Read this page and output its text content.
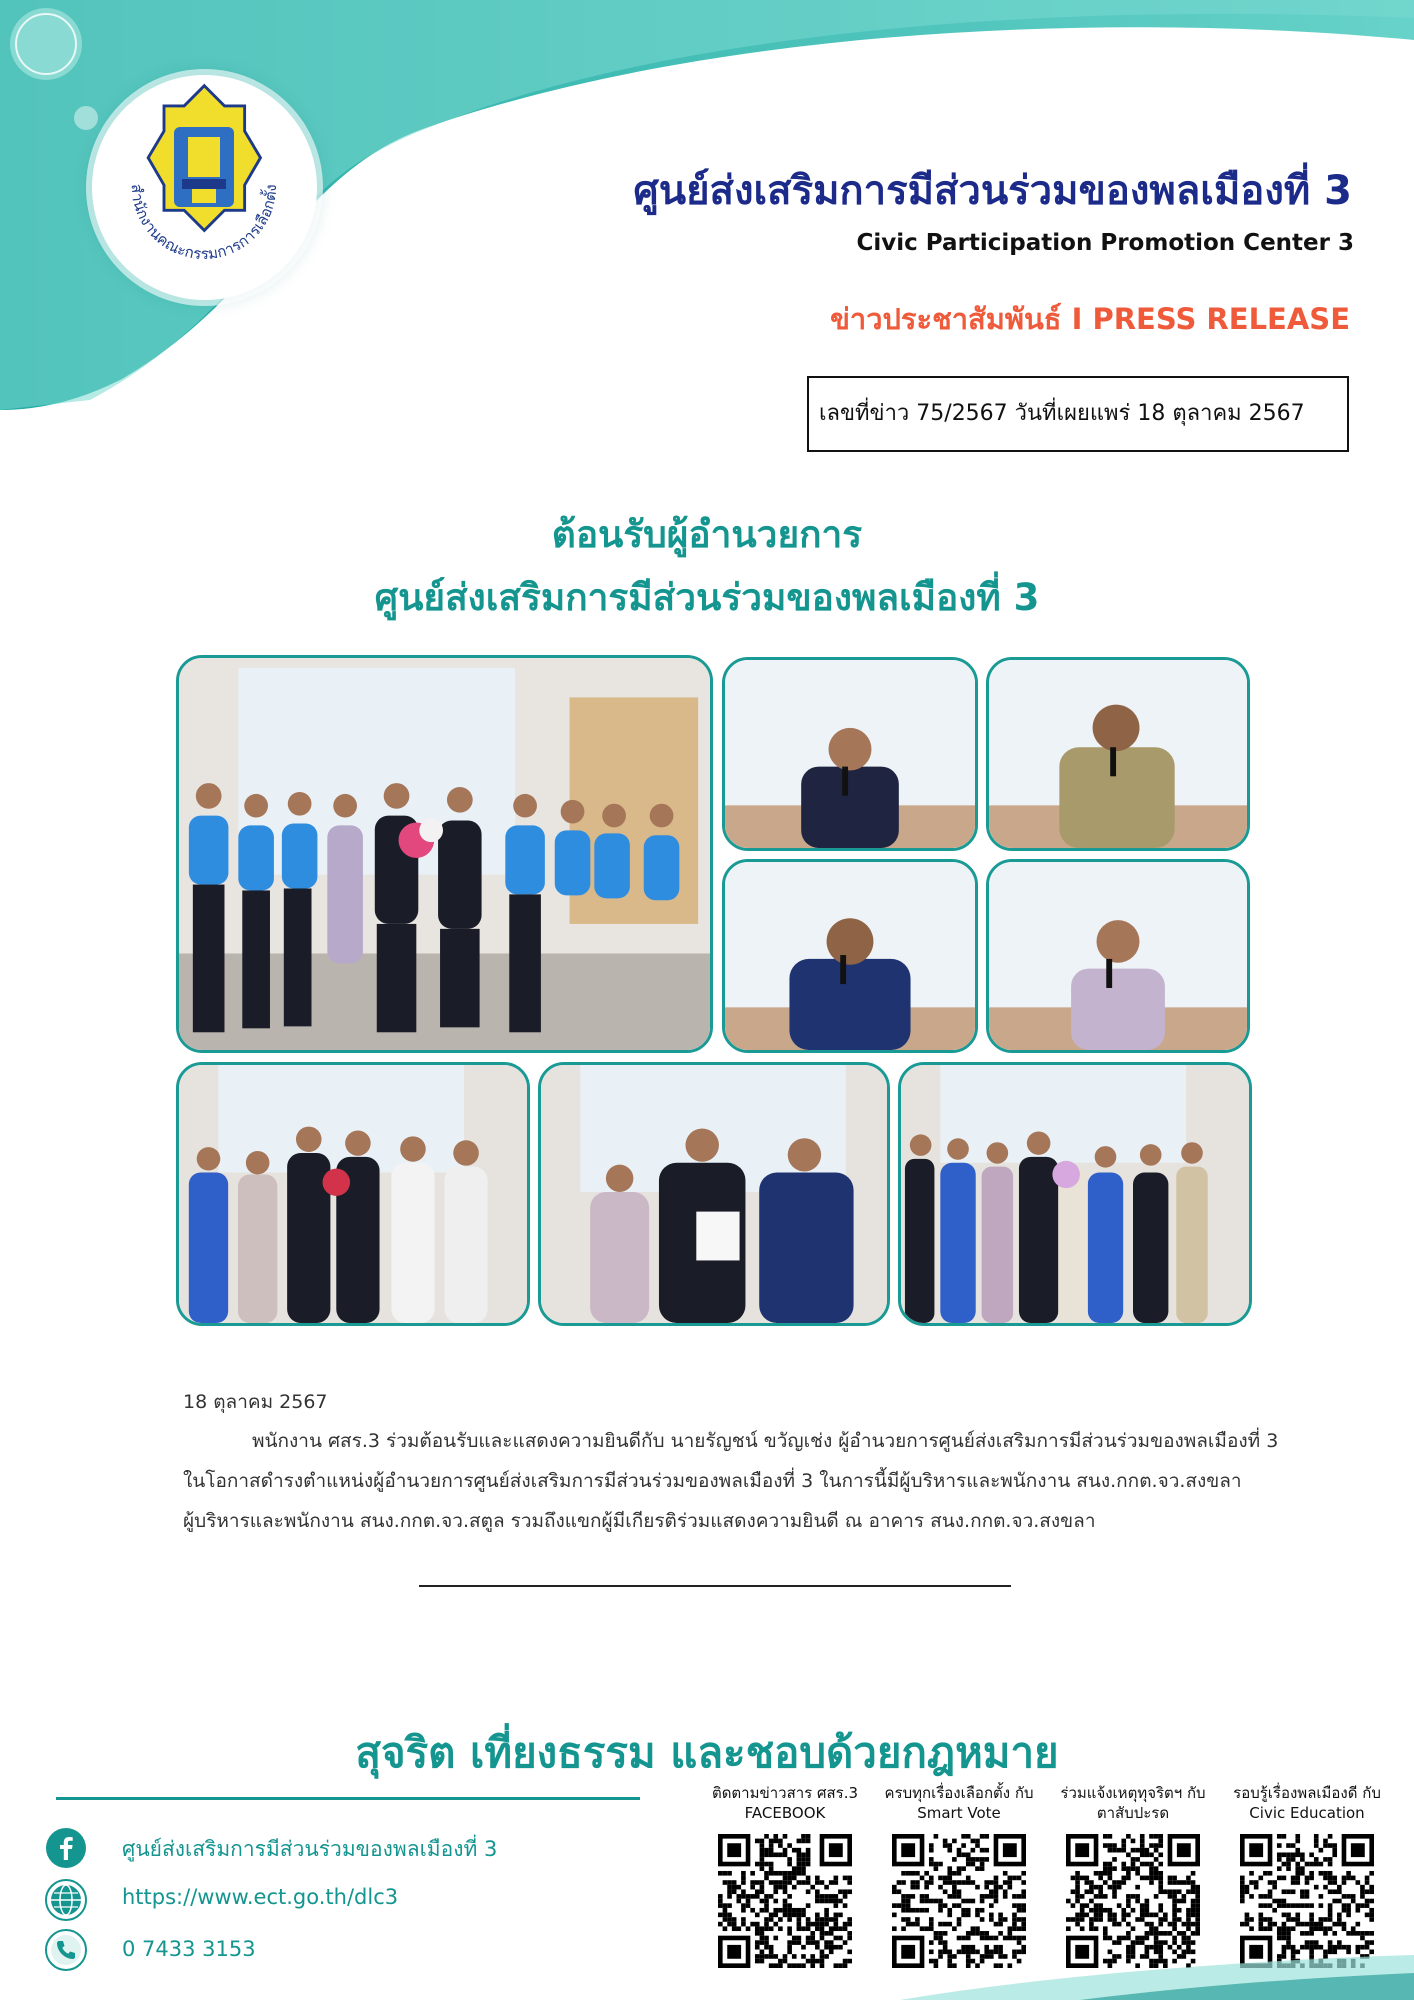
สำนักงานคณะกรรมการการเลือกตั้ง	ศูนย์ส่งเสริมการมีส่วนร่วมของพลเมืองที่ 3
Civic Participation Promotion Center 3
ข่าวประชาสัมพันธ์ I PRESS RELEASE
เลขที่ข่าว 75/2567 วันที่เผยแพร่ 18 ตุลาคม 2567
ต้อนรับผู้อำนวยการ
ศูนย์ส่งเสริมการมีส่วนร่วมของพลเมืองที่ 3
18 ตุลาคม 2567
พนักงาน ศสร.3 ร่วมต้อนรับและแสดงความยินดีกับ นายรัญชน์ ขวัญเช่ง ผู้อำนวยการศูนย์ส่งเสริมการมีส่วนร่วมของพลเมืองที่ 3
ในโอกาสดำรงตำแหน่งผู้อำนวยการศูนย์ส่งเสริมการมีส่วนร่วมของพลเมืองที่ 3 ในการนี้มีผู้บริหารและพนักงาน สนง.กกต.จว.สงขลา
ผู้บริหารและพนักงาน สนง.กกต.จว.สตูล รวมถึงแขกผู้มีเกียรติร่วมแสดงความยินดี ณ อาคาร สนง.กกต.จว.สงขลา
สุจริต เที่ยงธรรม และชอบด้วยกฎหมาย
ศูนย์ส่งเสริมการมีส่วนร่วมของพลเมืองที่ 3
https://www.ect.go.th/dlc3
0 7433 3153
ติดตามข่าวสาร ศสร.3
FACEBOOK
ครบทุกเรื่องเลือกตั้ง กับ
Smart Vote
ร่วมแจ้งเหตุทุจริตฯ กับ
ตาสับปะรด
รอบรู้เรื่องพลเมืองดี กับ
Civic Education
